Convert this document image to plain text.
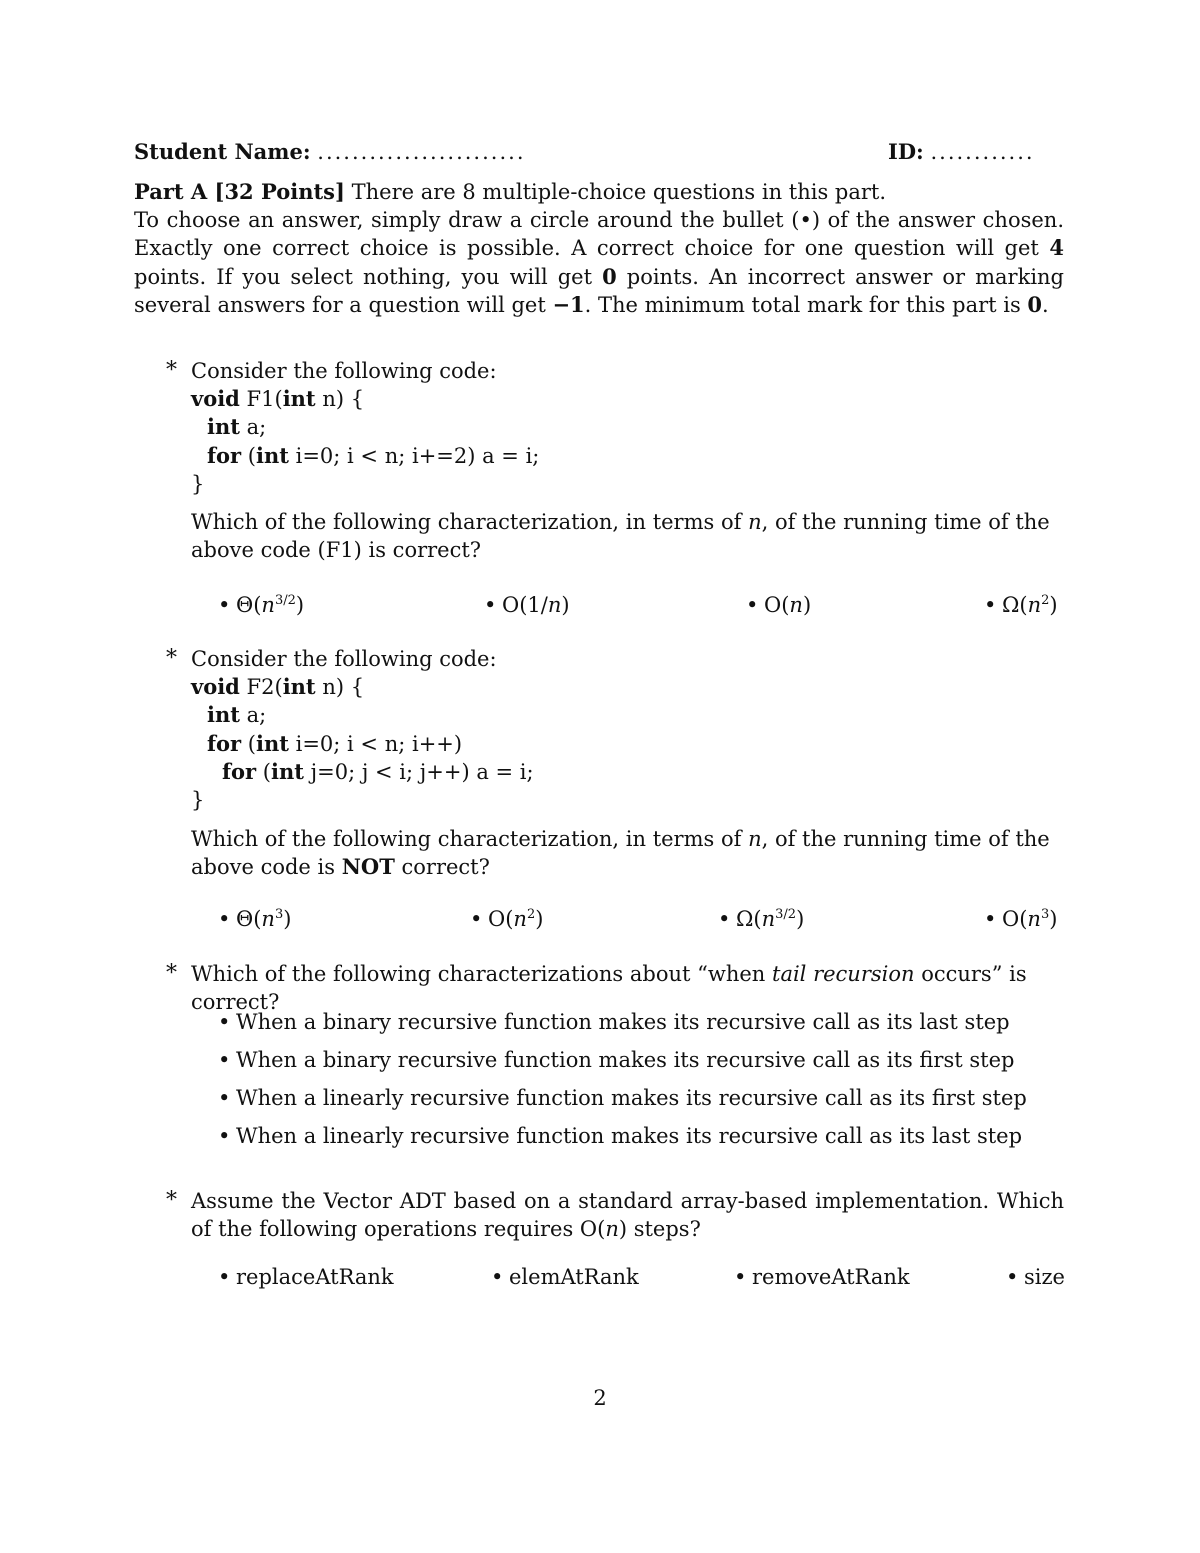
Student Name: ........................	ID: ............
Part A [32 Points] There are 8 multiple-choice questions in this part.
To choose an answer, simply draw a circle around the bullet (•) of the answer chosen. Exactly one correct choice is possible. A correct choice for one question will get 4 points. If you select nothing, you will get 0 points. An incorrect answer or marking several answers for a question will get −1. The minimum total mark for this part is 0.
* Consider the following code:
void F1(int n) {
int a;
for (int i=0; i < n; i+=2) a = i;
}
Which of the following characterization, in terms of n, of the running time of the above code (F1) is correct?
• $\Theta(n^{3/2})$	• O(1/n)	• O(n)	• $\Omega(n^2)$
* Consider the following code:
void F2(int n) {
int a;
for (int i=0; i < n; i++)
for (int j=0; j < i; j++) a = i;
}
Which of the following characterization, in terms of n, of the running time of the above code is NOT correct?
• $\Theta(n^3)$	• $O(n^2)$	• $\Omega(n^{3/2})$	• $O(n^3)$
* Which of the following characterizations about “when tail recursion occurs” is correct?
• When a binary recursive function makes its recursive call as its last step
• When a binary recursive function makes its recursive call as its first step
• When a linearly recursive function makes its recursive call as its first step
• When a linearly recursive function makes its recursive call as its last step
* Assume the Vector ADT based on a standard array-based implementation. Which of the following operations requires O(n) steps?
• replaceAtRank	• elemAtRank	• removeAtRank	• size
2
